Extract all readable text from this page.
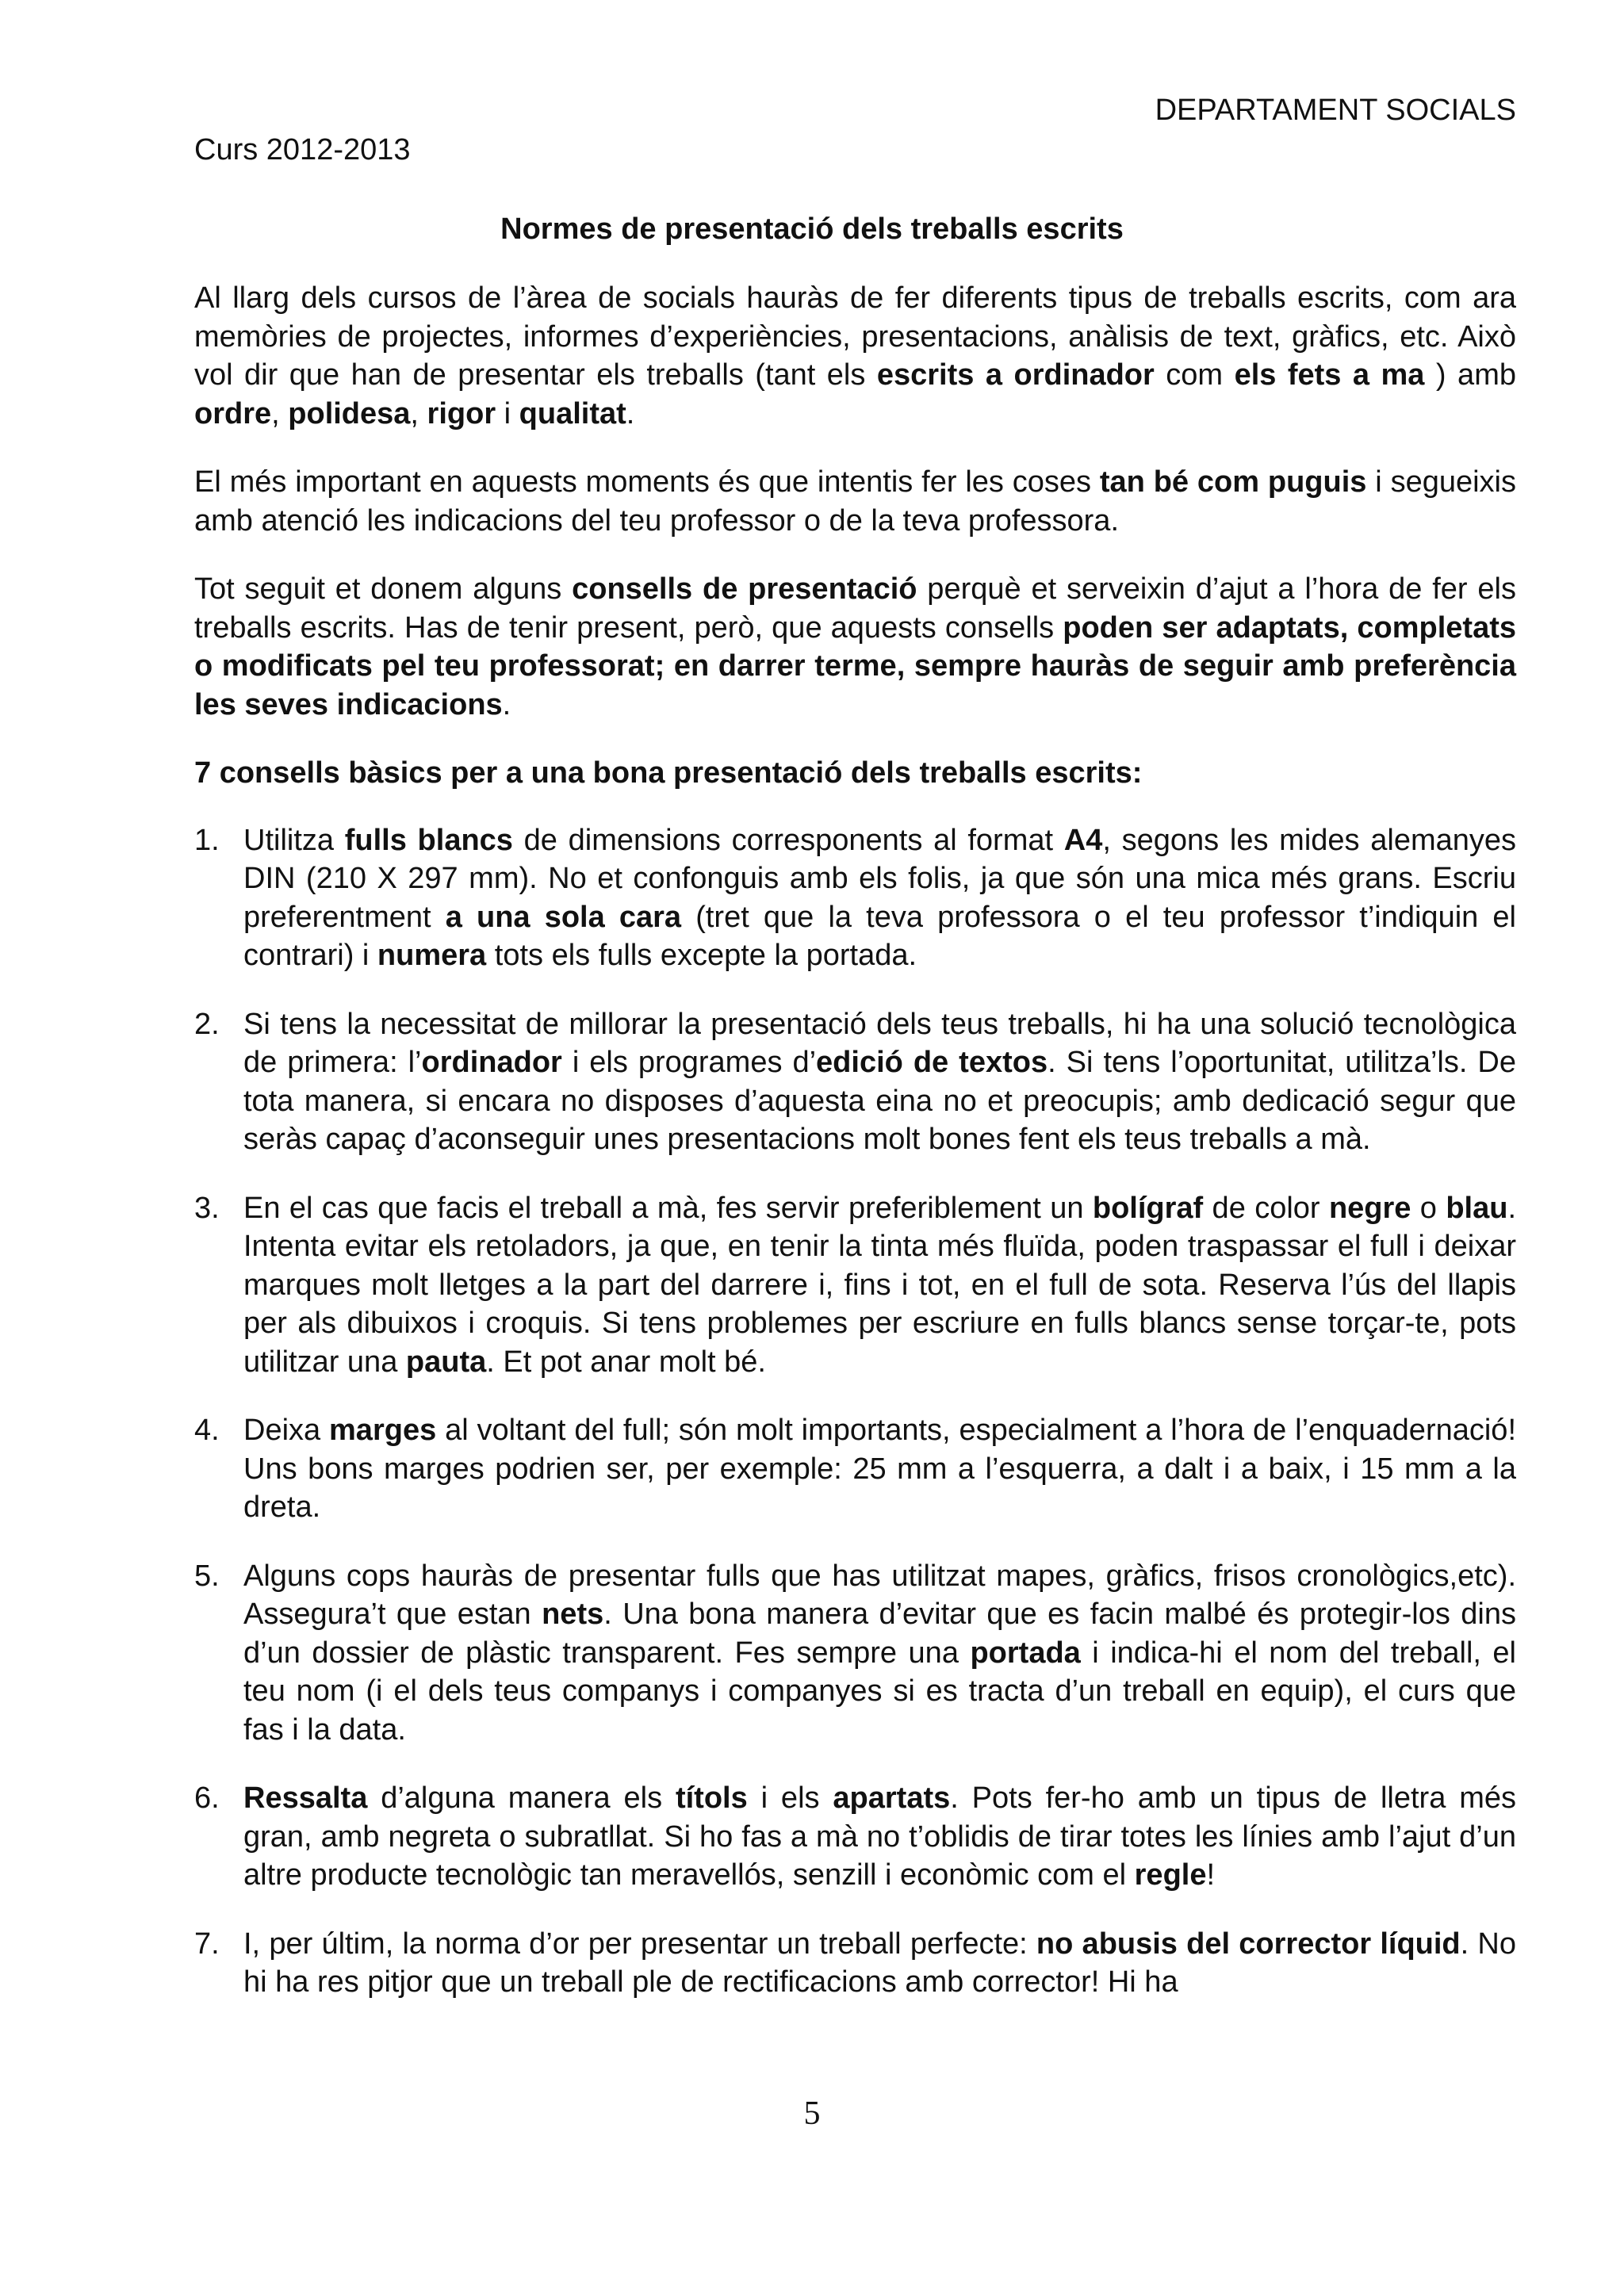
DEPARTAMENT SOCIALS
Curs 2012-2013
Normes de presentació dels treballs escrits

Al llarg dels cursos de l’àrea de socials hauràs de fer diferents tipus de treballs escrits, com ara memòries de projectes, informes d’experiències, presentacions, anàlisis de text, gràfics, etc. Això vol dir que han de presentar els treballs (tant els escrits a ordinador com els fets a ma ) amb ordre, polidesa, rigor i qualitat.

El més important en aquests moments és que intentis fer les coses tan bé com puguis i segueixis amb atenció les indicacions del teu professor o de la teva professora.

Tot seguit et donem alguns consells de presentació perquè et serveixin d’ajut a l’hora de fer els treballs escrits. Has de tenir present, però, que aquests consells poden ser adaptats, completats o modificats pel teu professorat; en darrer terme, sempre hauràs de seguir amb preferència les seves indicacions.

7 consells bàsics per a una bona presentació dels treballs escrits:

1. Utilitza fulls blancs de dimensions corresponents al format A4, segons les mides alemanyes DIN (210 X 297 mm). No et confonguis amb els folis, ja que són una mica més grans. Escriu preferentment a una sola cara (tret que la teva professora o el teu professor t’indiquin el contrari) i numera tots els fulls excepte la portada.
2. Si tens la necessitat de millorar la presentació dels teus treballs, hi ha una solució tecnològica de primera: l’ordinador i els programes d’edició de textos. Si tens l’oportunitat, utilitza’ls. De tota manera, si encara no disposes d’aquesta eina no et preocupis; amb dedicació segur que seràs capaç d’aconseguir unes presentacions molt bones fent els teus treballs a mà.
3. En el cas que facis el treball a mà, fes servir preferiblement un bolígraf de color negre o blau. Intenta evitar els retoladors, ja que, en tenir la tinta més fluïda, poden traspassar el full i deixar marques molt lletges a la part del darrere i, fins i tot, en el full de sota. Reserva l’ús del llapis per als dibuixos i croquis. Si tens problemes per escriure en fulls blancs sense torçar-te, pots utilitzar una pauta. Et pot anar molt bé.
4. Deixa marges al voltant del full; són molt importants, especialment a l’hora de l’enquadernació! Uns bons marges podrien ser, per exemple: 25 mm a l’esquerra, a dalt i a baix, i 15 mm a la dreta.
5. Alguns cops hauràs de presentar fulls que has utilitzat mapes, gràfics, frisos cronològics,etc). Assegura’t que estan nets. Una bona manera d’evitar que es facin malbé és protegir-los dins d’un dossier de plàstic transparent. Fes sempre una portada i indica-hi el nom del treball, el teu nom (i el dels teus companys i companyes si es tracta d’un treball en equip), el curs que fas i la data.
6. Ressalta d’alguna manera els títols i els apartats. Pots fer-ho amb un tipus de lletra més gran, amb negreta o subratllat. Si ho fas a mà no t’oblidis de tirar totes les línies amb l’ajut d’un altre producte tecnològic tan meravellós, senzill i econòmic com el regle!
7. I, per últim, la norma d’or per presentar un treball perfecte: no abusis del corrector líquid. No hi ha res pitjor que un treball ple de rectificacions amb corrector! Hi ha
5
